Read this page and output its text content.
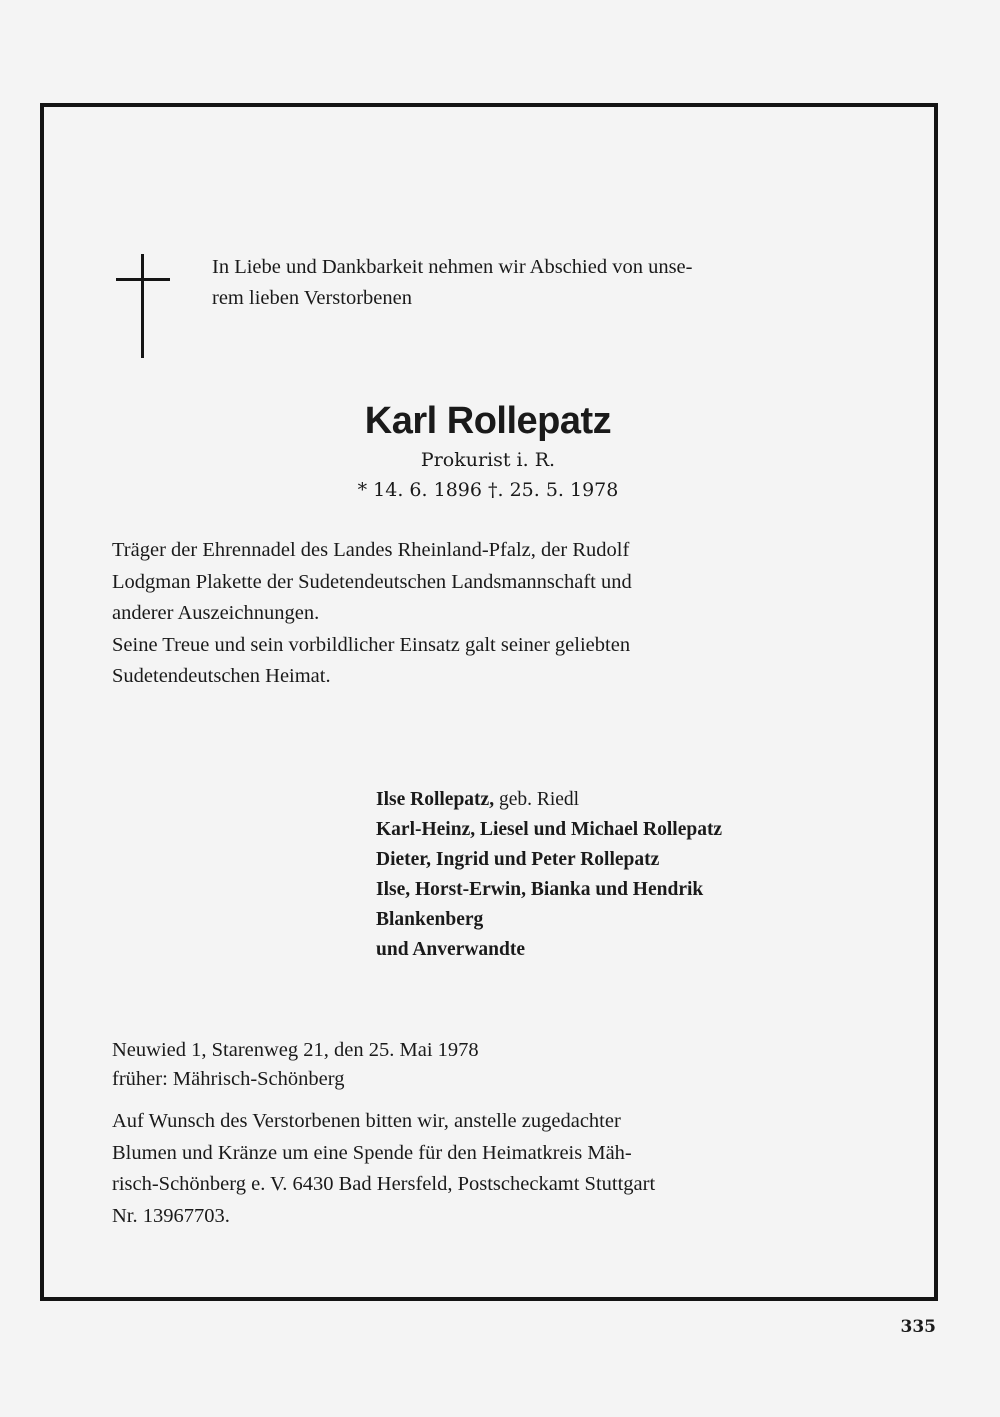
In Liebe und Dankbarkeit nehmen wir Abschied von unse-
rem lieben Verstorbenen
Karl Rollepatz
Prokurist i. R.
* 14. 6. 1896 †. 25. 5. 1978
Träger der Ehrennadel des Landes Rheinland-Pfalz, der Rudolf
Lodgman Plakette der Sudetendeutschen Landsmannschaft und
anderer Auszeichnungen.
Seine Treue und sein vorbildlicher Einsatz galt seiner geliebten
Sudetendeutschen Heimat.
Ilse Rollepatz, geb. Riedl
Karl-Heinz, Liesel und Michael Rollepatz
Dieter, Ingrid und Peter Rollepatz
Ilse, Horst-Erwin, Bianka und Hendrik
Blankenberg
und Anverwandte
Neuwied 1, Starenweg 21, den 25. Mai 1978
früher: Mährisch-Schönberg
Auf Wunsch des Verstorbenen bitten wir, anstelle zugedachter
Blumen und Kränze um eine Spende für den Heimatkreis Mäh-
risch-Schönberg e. V. 6430 Bad Hersfeld, Postscheckamt Stuttgart
Nr. 13967703.
335
